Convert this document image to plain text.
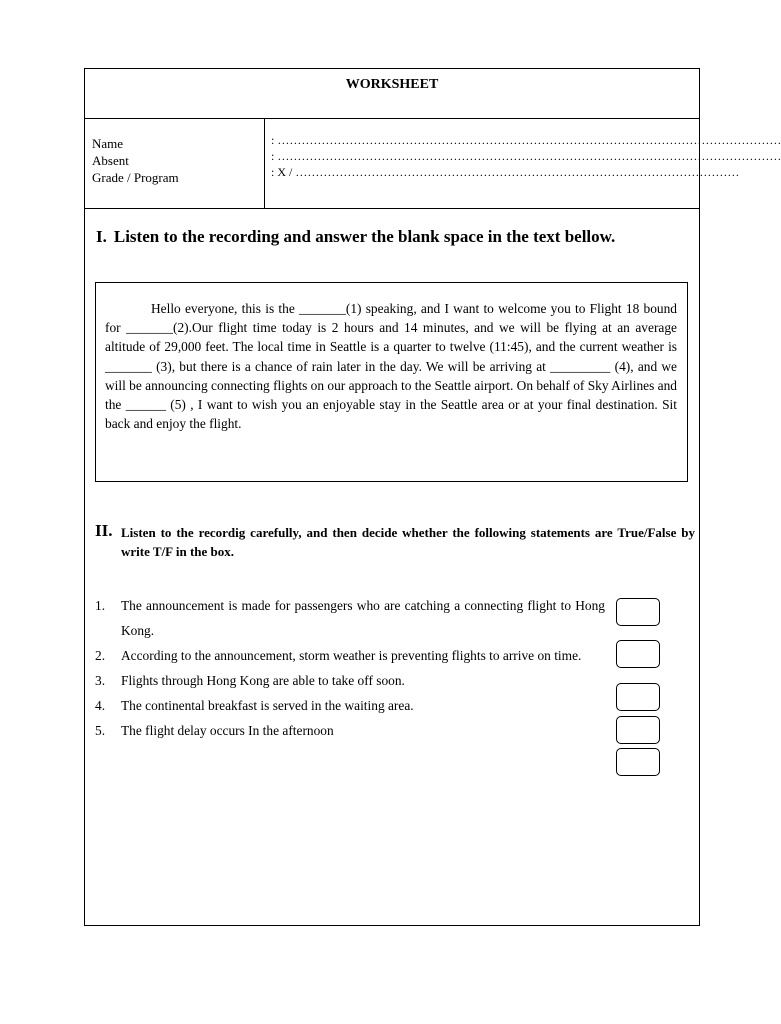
WORKSHEET
Name
Absent
Grade / Program
: ………………………………………………………………………………………………………………
: ………………………………………………………………………………………………………………
: X / …………………………………………………………………………………………………
I. Listen to the recording and answer the blank space in the text bellow.

Hello everyone, this is the _______(1) speaking, and I want to welcome you to Flight 18 bound for _______(2).Our flight time today is 2 hours and 14 minutes, and we will be flying at an average altitude of 29,000 feet. The local time in Seattle is a quarter to twelve (11:45), and the current weather is _______ (3), but there is a chance of rain later in the day. We will be arriving at _________ (4), and we will be announcing connecting flights on our approach to the Seattle airport. On behalf of Sky Airlines and the ______ (5) , I want to wish you an enjoyable stay in the Seattle area or at your final destination. Sit back and enjoy the flight.

II. Listen to the recordig carefully, and then decide whether the following statements are True/False by write T/F in the box.
1. The announcement is made for passengers who are catching a connecting flight to Hong Kong.
2. According to the announcement, storm weather is preventing flights to arrive on time.
3. Flights through Hong Kong are able to take off soon.
4. The continental breakfast is served in the waiting area.
5. The flight delay occurs In the afternoon
